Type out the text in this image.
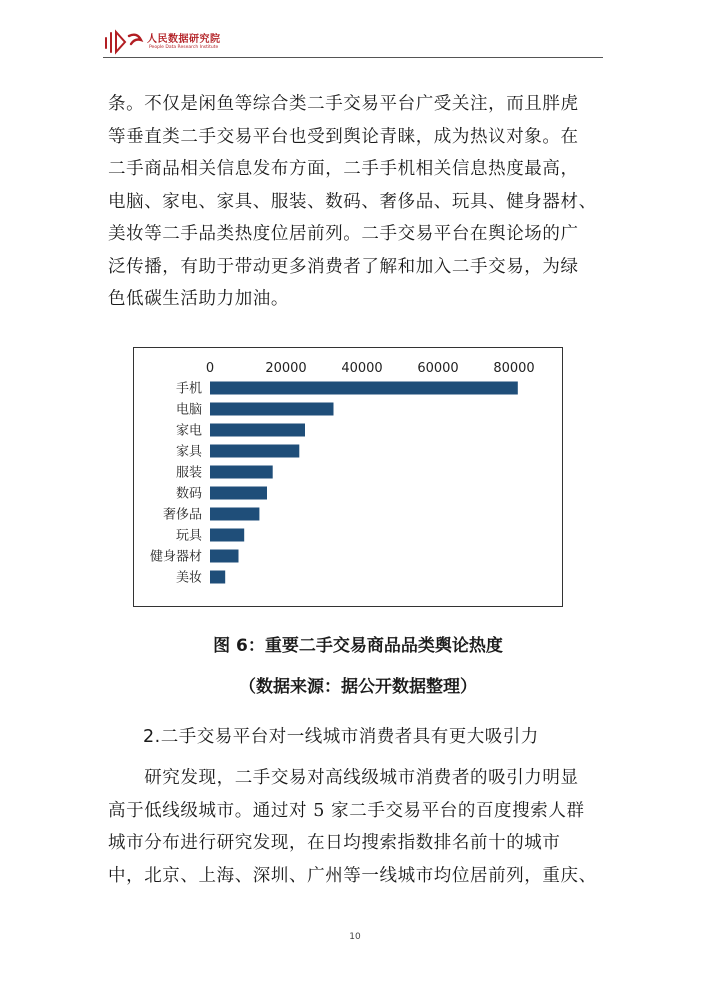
人民数据研究院
People Data Research Institute

条。不仅是闲鱼等综合类二手交易平台广受关注，而且胖虎

等垂直类二手交易平台也受到舆论青睐，成为热议对象。在

二手商品相关信息发布方面，二手手机相关信息热度最高，

电脑、家电、家具、服装、数码、奢侈品、玩具、健身器材、

美妆等二手品类热度位居前列。二手交易平台在舆论场的广

泛传播，有助于带动更多消费者了解和加入二手交易，为绿

色低碳生活助力加油。

0	20000	40000	60000	80000
手机
电脑
家电
家具
服装
数码
奢侈品
玩具
健身器材
美妆
图 6：重要二手交易商品品类舆论热度
（数据来源：据公开数据整理）
2.二手交易平台对一线城市消费者具有更大吸引力

　　研究发现，二手交易对高线级城市消费者的吸引力明显

高于低线级城市。通过对 5 家二手交易平台的百度搜索人群

城市分布进行研究发现，在日均搜索指数排名前十的城市

中，北京、上海、深圳、广州等一线城市均位居前列，重庆、

10
